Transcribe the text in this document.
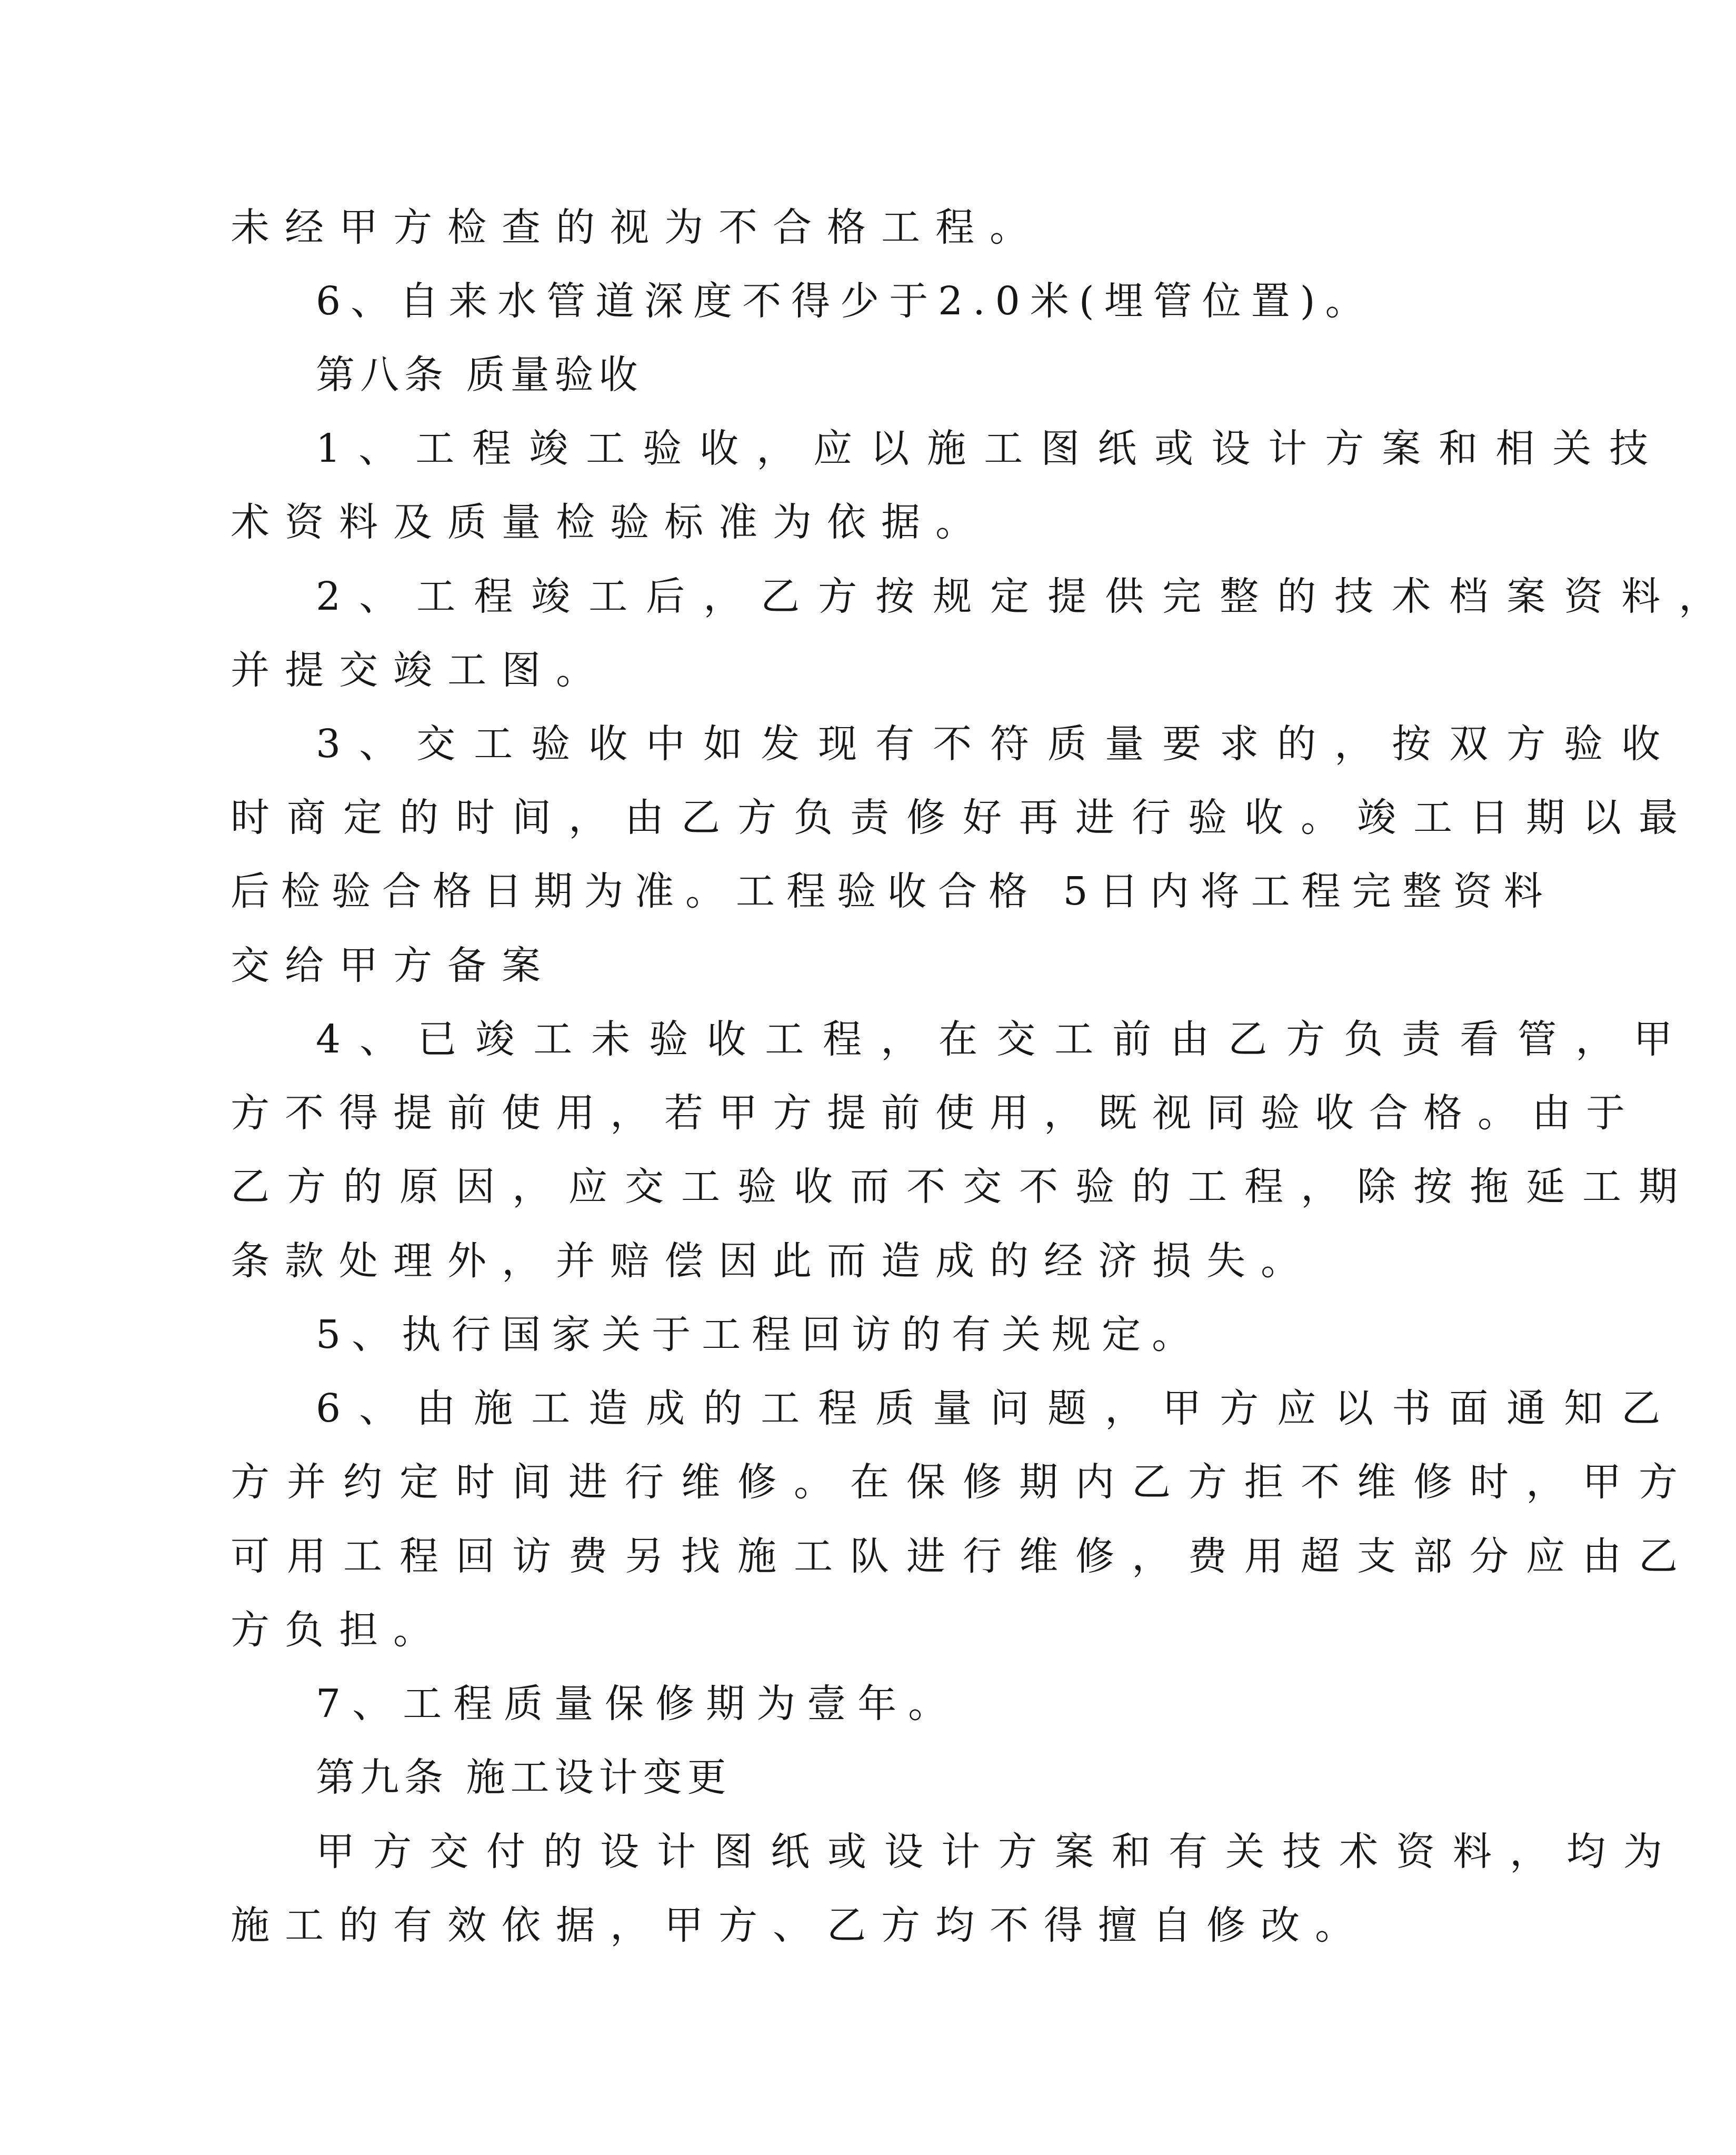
未经甲方检查的视为不合格工程。

6、自来水管道深度不得少于2.0米(埋管位置)。

第八条 质量验收

1、工程竣工验收，应以施工图纸或设计方案和相关技

术资料及质量检验标准为依据。

2、工程竣工后，乙方按规定提供完整的技术档案资料，

并提交竣工图。

3、交工验收中如发现有不符质量要求的，按双方验收

时商定的时间，由乙方负责修好再进行验收。竣工日期以最

后检验合格日期为准。工程验收合格 5日内将工程完整资料

交给甲方备案

4、已竣工未验收工程，在交工前由乙方负责看管，甲

方不得提前使用，若甲方提前使用，既视同验收合格。由于

乙方的原因，应交工验收而不交不验的工程，除按拖延工期

条款处理外，并赔偿因此而造成的经济损失。

5、执行国家关于工程回访的有关规定。

6、由施工造成的工程质量问题，甲方应以书面通知乙

方并约定时间进行维修。在保修期内乙方拒不维修时，甲方

可用工程回访费另找施工队进行维修，费用超支部分应由乙

方负担。

7、工程质量保修期为壹年。

第九条 施工设计变更

甲方交付的设计图纸或设计方案和有关技术资料，均为

施工的有效依据，甲方、乙方均不得擅自修改。
